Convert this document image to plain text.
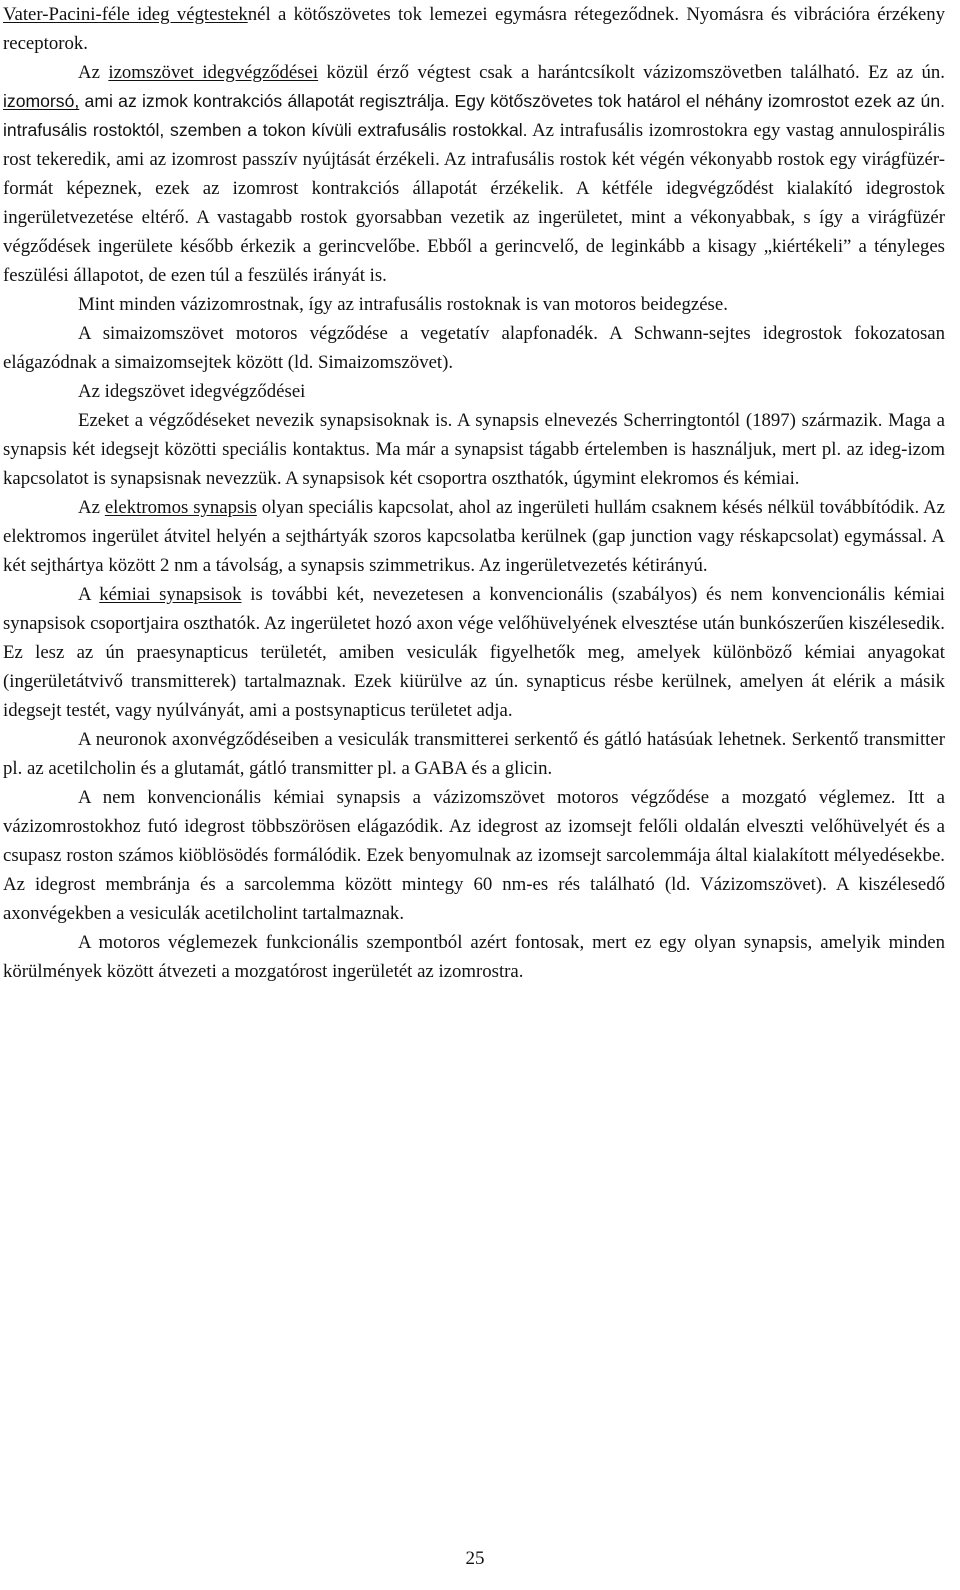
Vater-Pacini-féle ideg végtesteknél a kötőszövetes tok lemezei egymásra rétegeződnek. Nyomásra és vibrációra érzékeny receptorok.

Az izomszövet idegvégződései közül érző végtest csak a harántcsíkolt vázizomszövetben található. Ez az ún. izomorsó, ami az izmok kontrakciós állapotát regisztrálja. Egy kötőszövetes tok határol el néhány izomrostot ezek az ún. intrafusális rostoktól, szemben a tokon kívüli extrafusális rostokkal. Az intrafusális izomrostokra egy vastag annulospirális rost tekeredik, ami az izomrost passzív nyújtását érzékeli. Az intrafusális rostok két végén vékonyabb rostok egy virágfüzér-formát képeznek, ezek az izomrost kontrakciós állapotát érzékelik. A kétféle idegvégződést kialakító idegrostok ingerületvezetése eltérő. A vastagabb rostok gyorsabban vezetik az ingerületet, mint a vékonyabbak, s így a virágfüzér végződések ingerülete később érkezik a gerincvelőbe. Ebből a gerincvelő, de leginkább a kisagy „kiértékeli” a tényleges feszülési állapotot, de ezen túl a feszülés irányát is.

Mint minden vázizomrostnak, így az intrafusális rostoknak is van motoros beidegzése.

A simaizomszövet motoros végződése a vegetatív alapfonadék. A Schwann-sejtes idegrostok fokozatosan elágazódnak a simaizomsejtek között (ld. Simaizomszövet).

Az idegszövet idegvégződései

Ezeket a végződéseket nevezik synapsisoknak is. A synapsis elnevezés Scherringtontól (1897) származik. Maga a synapsis két idegsejt közötti speciális kontaktus. Ma már a synapsist tágabb értelemben is használjuk, mert pl. az ideg-izom kapcsolatot is synapsisnak nevezzük. A synapsisok két csoportra oszthatók, úgymint elekromos és kémiai.

Az elektromos synapsis olyan speciális kapcsolat, ahol az ingerületi hullám csaknem késés nélkül továbbítódik. Az elektromos ingerület átvitel helyén a sejthártyák szoros kapcsolatba kerülnek (gap junction vagy réskapcsolat) egymással. A két sejthártya között 2 nm a távolság, a synapsis szimmetrikus. Az ingerületvezetés kétirányú.

A kémiai synapsisok is további két, nevezetesen a konvencionális (szabályos) és nem konvencionális kémiai synapsisok csoportjaira oszthatók. Az ingerületet hozó axon vége velőhüvelyének elvesztése után bunkószerűen kiszélesedik. Ez lesz az ún praesynapticus területét, amiben vesiculák figyelhetők meg, amelyek különböző kémiai anyagokat (ingerületátvivő transmitterek) tartalmaznak. Ezek kiürülve az ún. synapticus résbe kerülnek, amelyen át elérik a másik idegsejt testét, vagy nyúlványát, ami a postsynapticus területet adja.

A neuronok axonvégződéseiben a vesiculák transmitterei serkentő és gátló hatásúak lehetnek. Serkentő transmitter pl. az acetilcholin és a glutamát, gátló transmitter pl. a GABA és a glicin.

A nem konvencionális kémiai synapsis a vázizomszövet motoros végződése a mozgató véglemez. Itt a vázizomrostokhoz futó idegrost többszörösen elágazódik. Az idegrost az izomsejt felőli oldalán elveszti velőhüvelyét és a csupasz roston számos kiöblösödés formálódik. Ezek benyomulnak az izomsejt sarcolemmája által kialakított mélyedésekbe. Az idegrost membránja és a sarcolemma között mintegy 60 nm-es rés található (ld. Vázizomszövet). A kiszélesedő axonvégekben a vesiculák acetilcholint tartalmaznak.

A motoros véglemezek funkcionális szempontból azért fontosak, mert ez egy olyan synapsis, amelyik minden körülmények között átvezeti a mozgatórost ingerületét az izomrostra.

25
